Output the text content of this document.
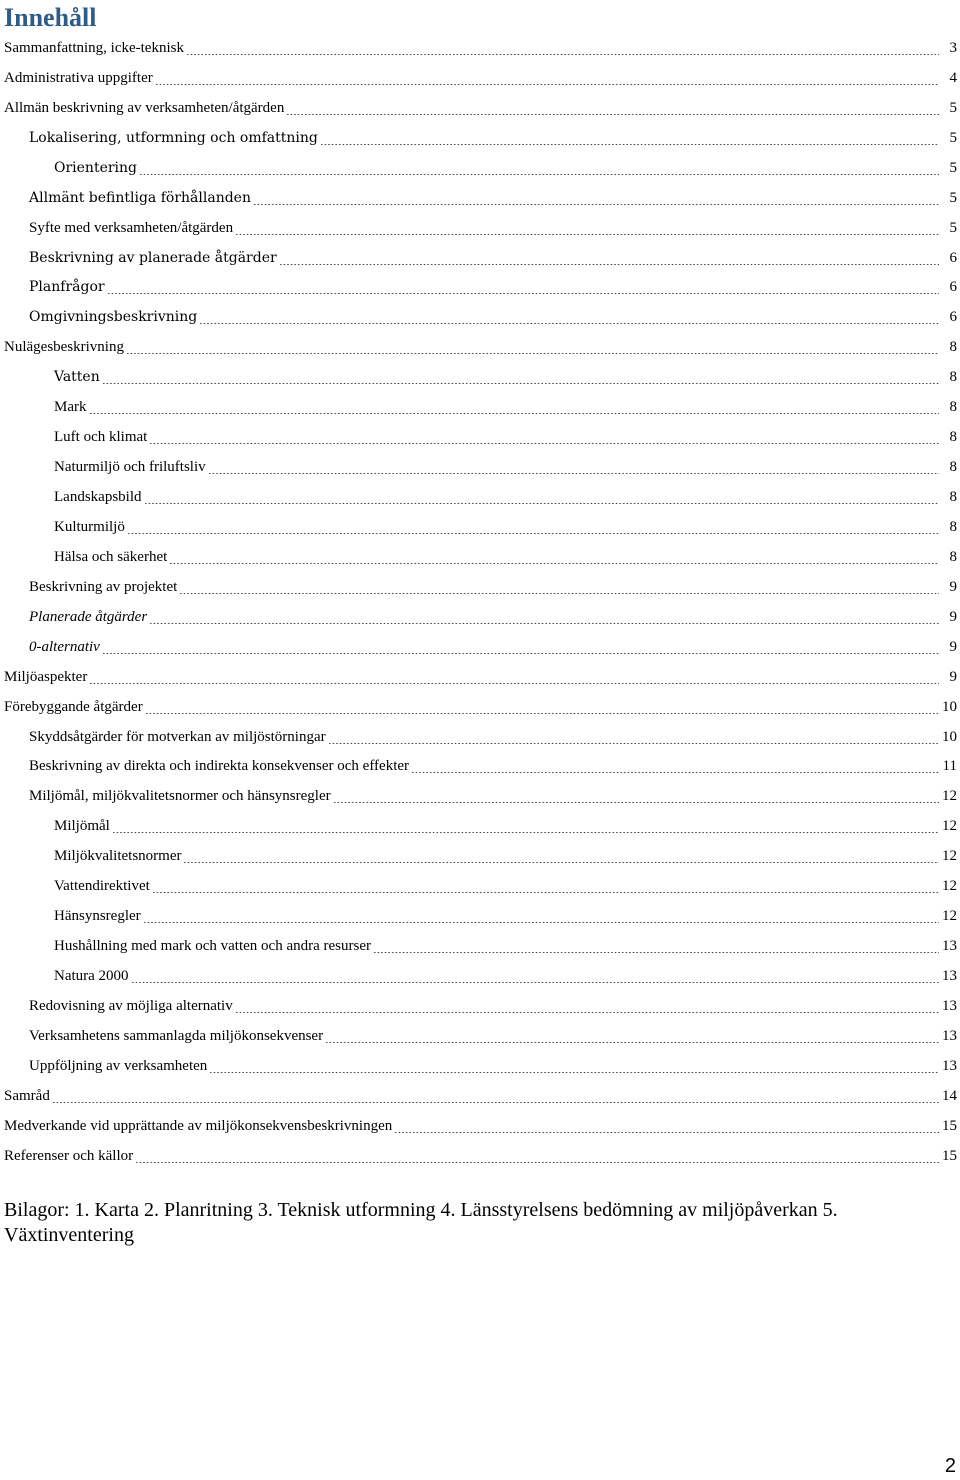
Innehåll
Sammanfattning, icke-teknisk	3
Administrativa uppgifter	4
Allmän beskrivning av verksamheten/åtgärden	5
Lokalisering, utformning och omfattning	5
Orientering	5
Allmänt befintliga förhållanden	5
Syfte med verksamheten/åtgärden	5
Beskrivning av planerade åtgärder	6
Planfrågor	6
Omgivningsbeskrivning	6
Nulägesbeskrivning	8
Vatten	8
Mark	8
Luft och klimat	8
Naturmiljö och friluftsliv	8
Landskapsbild	8
Kulturmiljö	8
Hälsa och säkerhet	8
Beskrivning av projektet	9
Planerade åtgärder	9
0-alternativ	9
Miljöaspekter	9
Förebyggande åtgärder	10
Skyddsåtgärder för motverkan av miljöstörningar	10
Beskrivning av direkta och indirekta konsekvenser och effekter	11
Miljömål, miljökvalitetsnormer och hänsynsregler	12
Miljömål	12
Miljökvalitetsnormer	12
Vattendirektivet	12
Hänsynsregler	12
Hushållning med mark och vatten och andra resurser	13
Natura 2000	13
Redovisning av möjliga alternativ	13
Verksamhetens sammanlagda miljökonsekvenser	13
Uppföljning av verksamheten	13
Samråd	14
Medverkande vid upprättande av miljökonsekvensbeskrivningen	15
Referenser och källor	15
Bilagor: 1. Karta 2. Planritning 3. Teknisk utformning 4. Länsstyrelsens bedömning av miljöpåverkan 5. Växtinventering
2
